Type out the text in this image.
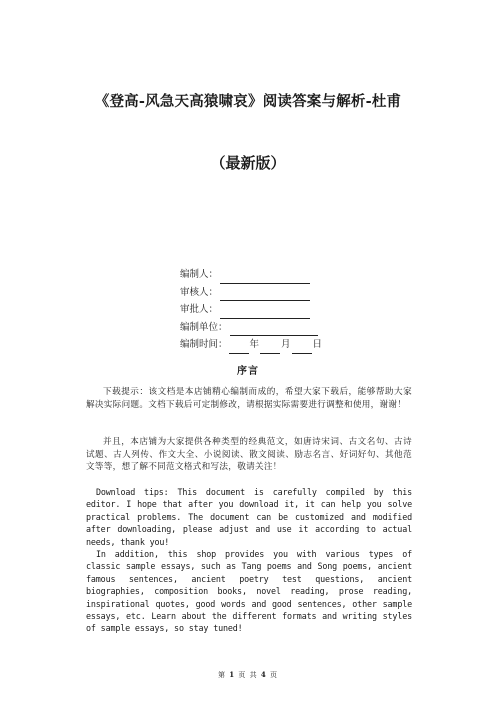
《登高-风急天高猿啸哀》阅读答案与解析-杜甫
（最新版）
编制人：
审核人：
审批人：
编制单位：
编制时间： 年 月 日
序言

下载提示：该文档是本店铺精心编制而成的，希望大家下载后，能够帮助大家解决实际问题。文档下载后可定制修改，请根据实际需要进行调整和使用，谢谢！

并且，本店铺为大家提供各种类型的经典范文，如唐诗宋词、古文名句、古诗试题、古人列传、作文大全、小说阅读、散文阅读、励志名言、好词好句、其他范文等等，想了解不同范文格式和写法，敬请关注！

Download tips: This document is carefully compiled by this editor. I hope that after you download it, it can help you solve practical problems. The document can be customized and modified after downloading, please adjust and use it according to actual needs, thank you!

In addition, this shop provides you with various types of classic sample essays, such as Tang poems and Song poems, ancient famous sentences, ancient poetry test questions, ancient biographies, composition books, novel reading, prose reading, inspirational quotes, good words and good sentences, other sample essays, etc. Learn about the different formats and writing styles of sample essays, so stay tuned!

第 1 页 共 4 页
